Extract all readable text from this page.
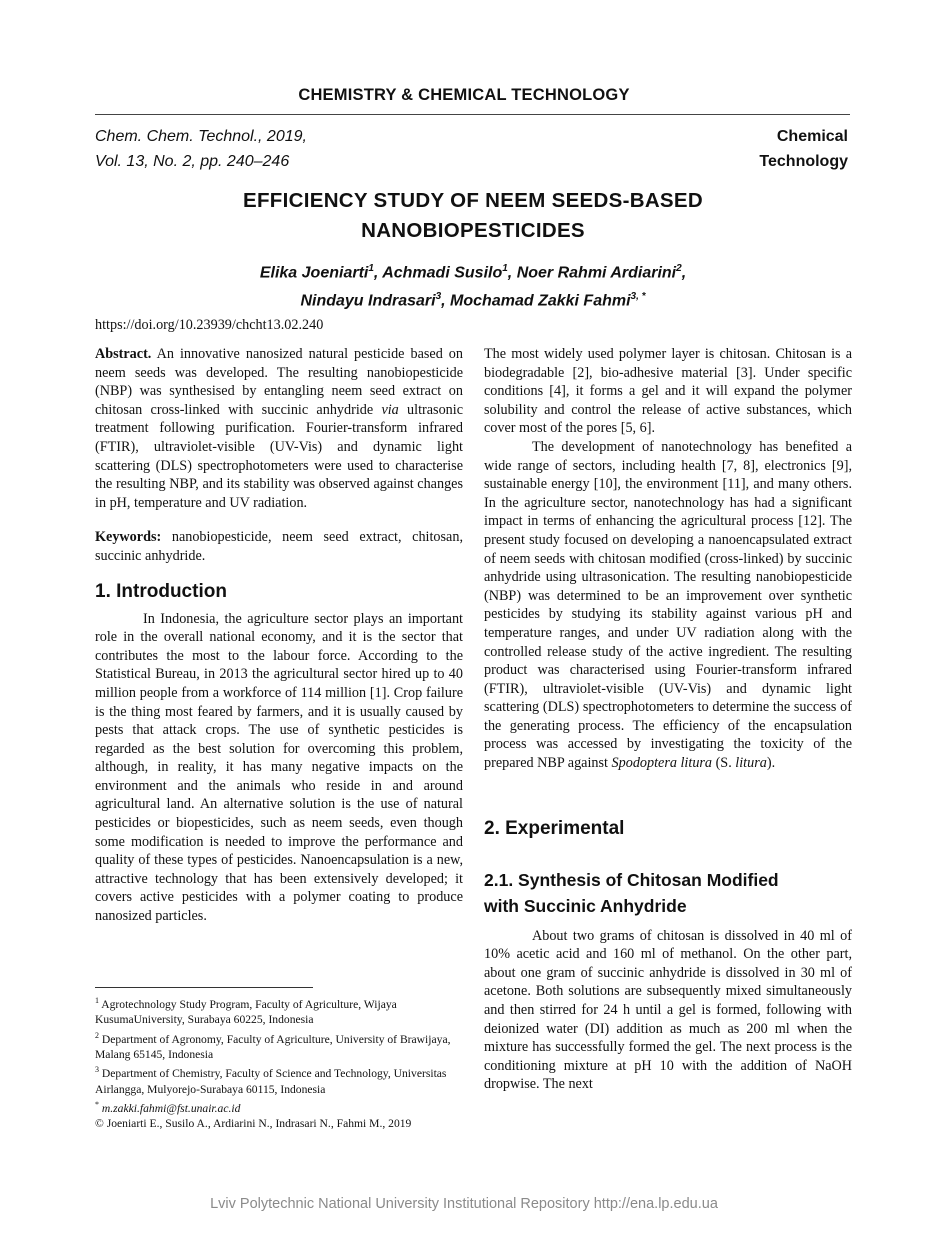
CHEMISTRY & CHEMICAL TECHNOLOGY
Chem. Chem. Technol., 2019,
Vol. 13, No. 2, pp. 240–246
Chemical
Technology
EFFICIENCY STUDY OF NEEM SEEDS-BASED
NANOBIOPESTICIDES
Elika Joeniarti$^1$, Achmadi Susilo$^1$, Noer Rahmi Ardiarini$^2$,
Nindayu Indrasari$^3$, Mochamad Zakki Fahmi$^{3, *}$
https://doi.org/10.23939/chcht13.02.240

Abstract. An innovative nanosized natural pesticide based on neem seeds was developed. The resulting nanobiopesticide (NBP) was synthesised by entangling neem seed extract on chitosan cross-linked with succinic anhydride via ultrasonic treatment following purification. Fourier-transform infrared (FTIR), ultraviolet-visible (UV-Vis) and dynamic light scattering (DLS) spectrophotometers were used to characterise the resulting NBP, and its stability was observed against changes in pH, temperature and UV radiation.

Keywords: nanobiopesticide, neem seed extract, chitosan, succinic anhydride.

1. Introduction

In Indonesia, the agriculture sector plays an important role in the overall national economy, and it is the sector that contributes the most to the labour force. According to the Statistical Bureau, in 2013 the agricultural sector hired up to 40 million people from a workforce of 114 million [1]. Crop failure is the thing most feared by farmers, and it is usually caused by pests that attack crops. The use of synthetic pesticides is regarded as the best solution for overcoming this problem, although, in reality, it has many negative impacts on the environment and the animals who reside in and around agricultural land. An alternative solution is the use of natural pesticides or biopesticides, such as neem seeds, even though some modification is needed to improve the performance and quality of these types of pesticides. Nanoencapsulation is a new, attractive technology that has been extensively developed; it covers active pesticides with a polymer coating to produce nanosized particles.

The most widely used polymer layer is chitosan. Chitosan is a biodegradable [2], bio-adhesive material [3]. Under specific conditions [4], it forms a gel and it will expand the polymer solubility and control the release of active substances, which cover most of the pores [5, 6].

The development of nanotechnology has benefited a wide range of sectors, including health [7, 8], electronics [9], sustainable energy [10], the environment [11], and many others. In the agriculture sector, nanotechnology has had a significant impact in terms of enhancing the agricultural process [12]. The present study focused on developing a nanoencapsulated extract of neem seeds with chitosan modified (cross-linked) by succinic anhydride using ultrasonication. The resulting nanobiopesticide (NBP) was determined to be an improvement over synthetic pesticides by studying its stability against various pH and temperature ranges, and under UV radiation along with the controlled release study of the active ingredient. The resulting product was characterised using Fourier-transform infrared (FTIR), ultraviolet-visible (UV-Vis) and dynamic light scattering (DLS) spectrophotometers to determine the success of the generating process. The efficiency of the encapsulation process was accessed by investigating the toxicity of the prepared NBP against Spodoptera litura (S. litura).

2. Experimental

2.1. Synthesis of Chitosan Modified
with Succinic Anhydride

About two grams of chitosan is dissolved in 40 ml of 10% acetic acid and 160 ml of methanol. On the other part, about one gram of succinic anhydride is dissolved in 30 ml of acetone. Both solutions are subsequently mixed simultaneously and then stirred for 24 h until a gel is formed, following with deionized water (DI) addition as much as 200 ml when the mixture has successfully formed the gel. The next process is the conditioning mixture at pH 10 with the addition of NaOH dropwise. The next

$^1$ Agrotechnology Study Program, Faculty of Agriculture, Wijaya KusumaUniversity, Surabaya 60225, Indonesia

$^2$ Department of Agronomy, Faculty of Agriculture, University of Brawijaya, Malang 65145, Indonesia

$^3$ Department of Chemistry, Faculty of Science and Technology, Universitas Airlangga, Mulyorejo-Surabaya 60115, Indonesia

* m.zakki.fahmi@fst.unair.ac.id

© Joeniarti E., Susilo A., Ardiarini N., Indrasari N., Fahmi M., 2019

Lviv Polytechnic National University Institutional Repository http://ena.lp.edu.ua
